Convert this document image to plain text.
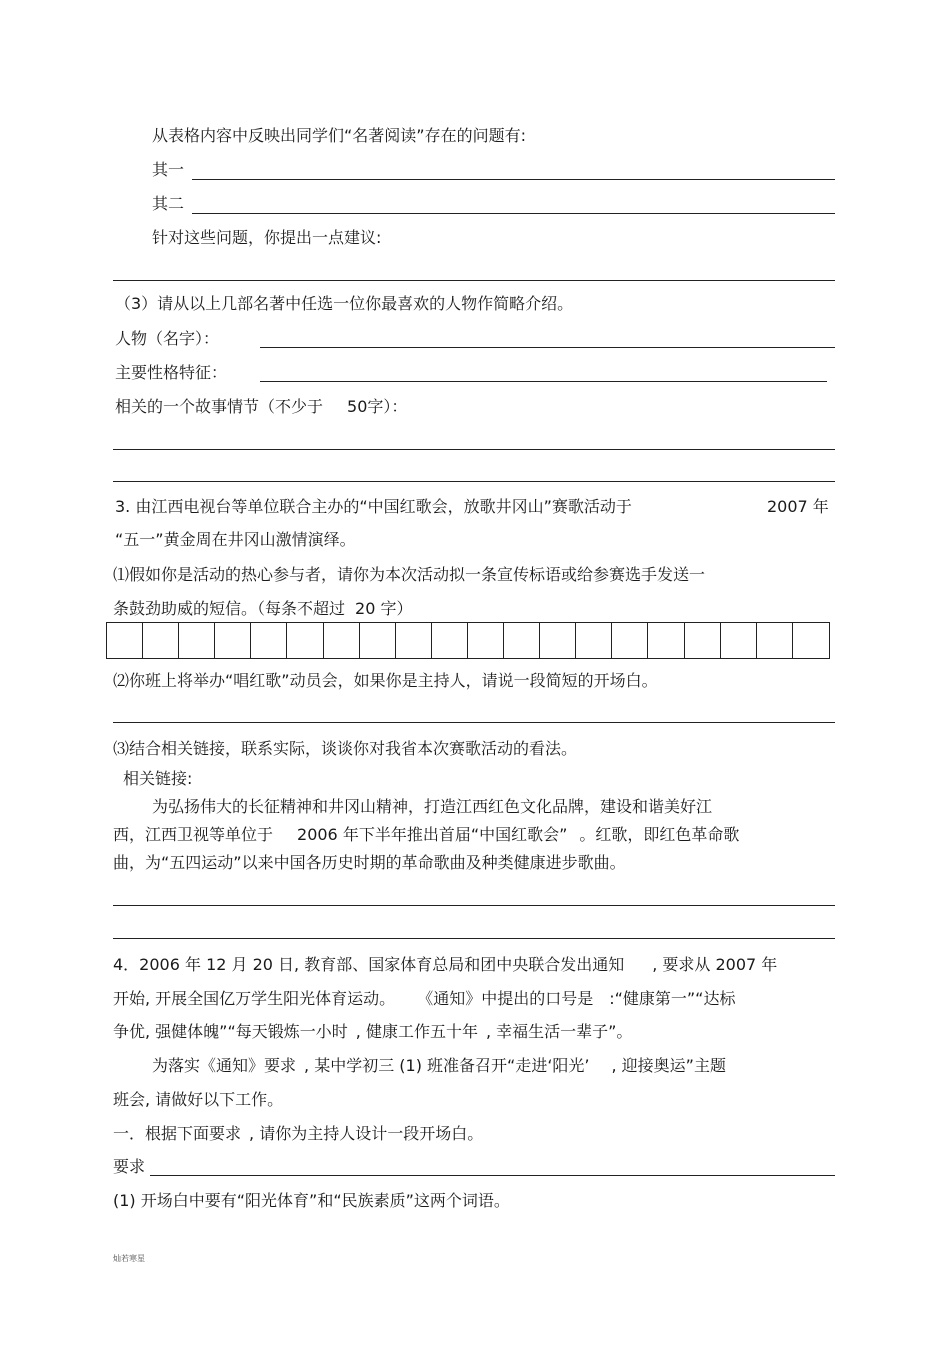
从表格内容中反映出同学们“名著阅读”存在的问题有:
其一
其二
针对这些问题，你提出一点建议:
（3）请从以上几部名著中任选一位你最喜欢的人物作简略介绍。
人物（名字）：
主要性格特征：
相关的一个故事情节（不少于 50字）：
3. 由江西电视台等单位联合主办的“中国红歌会，放歌井冈山”赛歌活动于	2007 年
“五一”黄金周在井冈山激情演绎。
⑴假如你是活动的热心参与者，请你为本次活动拟一条宣传标语或给参赛选手发送一
条鼓劲助威的短信。（每条不超过 20 字）
⑵你班上将举办“唱红歌”动员会，如果你是主持人，请说一段简短的开场白。
⑶结合相关链接，联系实际，谈谈你对我省本次赛歌活动的看法。
相关链接:
为弘扬伟大的长征精神和井冈山精神，打造江西红色文化品牌，建设和谐美好江
西，江西卫视等单位于 2006 年下半年推出首届“中国红歌会” 。红歌，即红色革命歌
曲，为“五四运动”以来中国各历史时期的革命歌曲及种类健康进步歌曲。
4．2006 年 12 月 20 日, 教育部、国家体育总局和团中央联合发出通知 , 要求从 2007 年
开始, 开展全国亿万学生阳光体育运动。 《通知》中提出的口号是 :“健康第一”“达标
争优, 强健体魄”“每天锻炼一小时 , 健康工作五十年 , 幸福生活一辈子”。
为落实《通知》要求 , 某中学初三 (1) 班准备召开“走进‘阳光’ , 迎接奥运”主题
班会, 请做好以下工作。
一．根据下面要求 , 请你为主持人设计一段开场白。
要求
(1) 开场白中要有“阳光体育”和“民族素质”这两个词语。
灿若寒星
